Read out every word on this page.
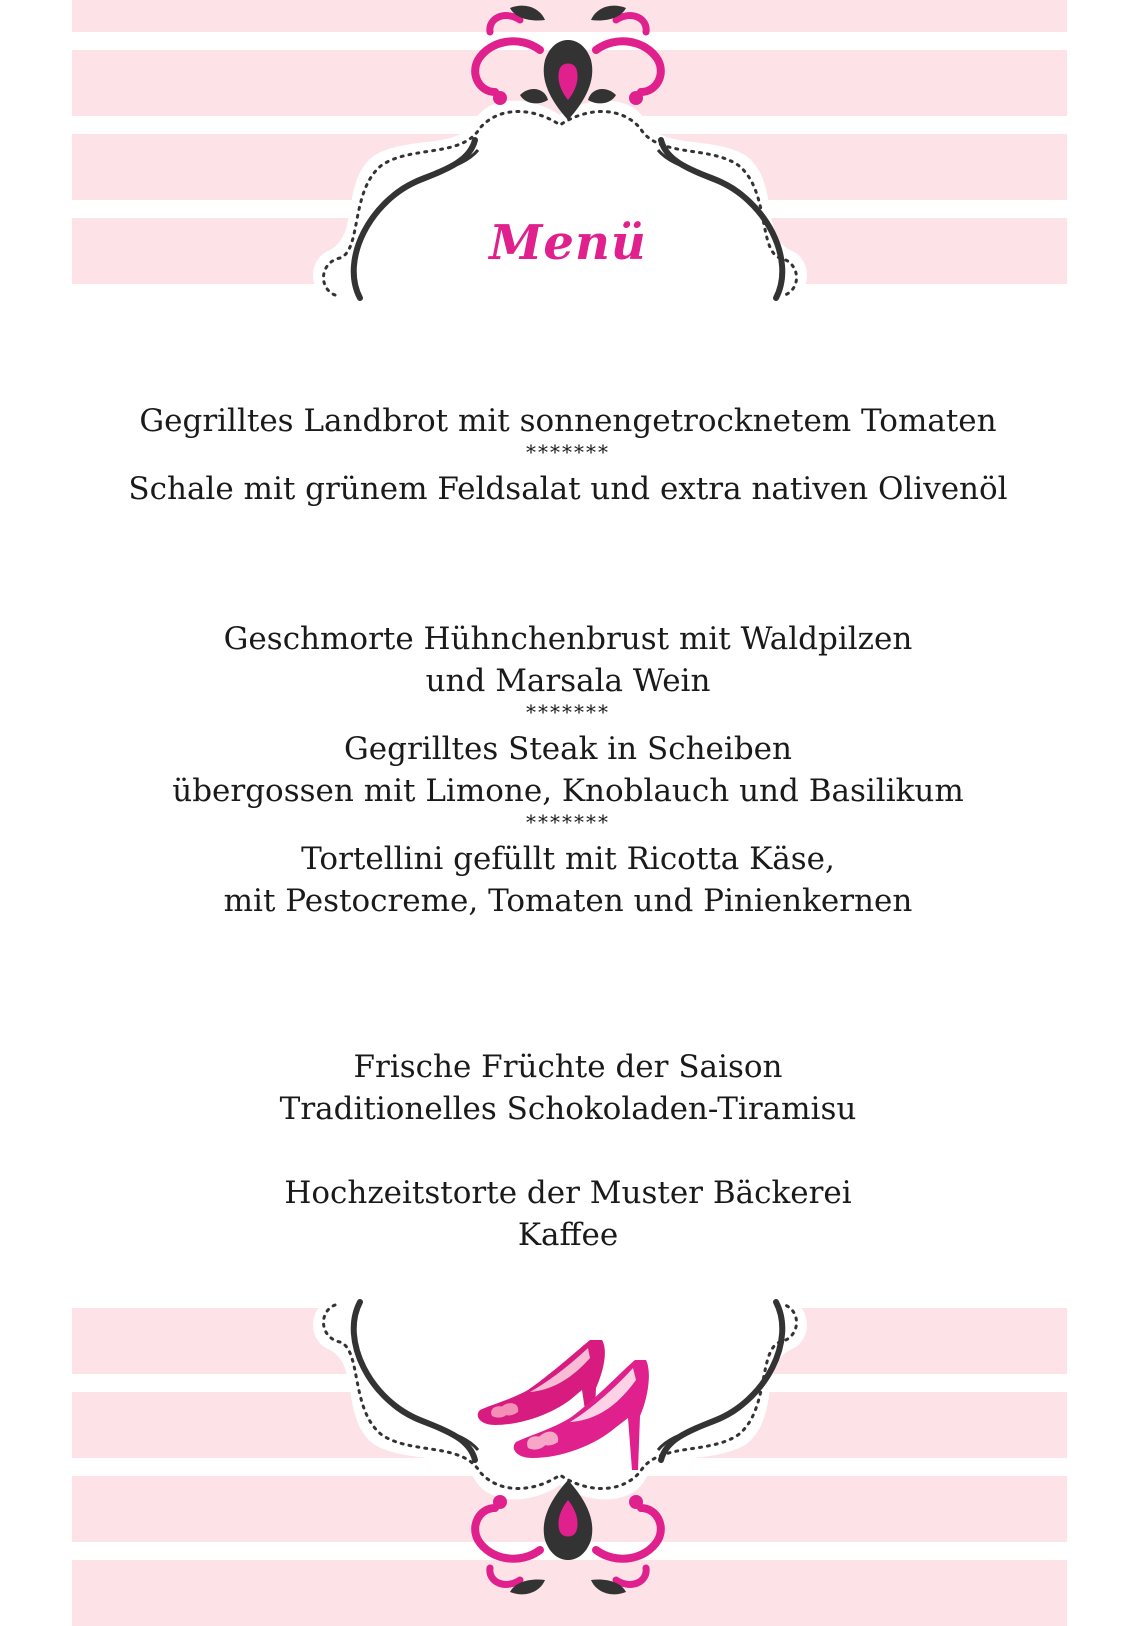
Menü
Gegrilltes Landbrot mit sonnengetrocknetem Tomaten
*******
Schale mit grünem Feldsalat und extra nativen Olivenöl
Geschmorte Hühnchenbrust mit Waldpilzen
und Marsala Wein
*******
Gegrilltes Steak in Scheiben
übergossen mit Limone, Knoblauch und Basilikum
*******
Tortellini gefüllt mit Ricotta Käse,
mit Pestocreme, Tomaten und Pinienkernen
Frische Früchte der Saison
Traditionelles Schokoladen-Tiramisu
Hochzeitstorte der Muster Bäckerei
Kaffee
